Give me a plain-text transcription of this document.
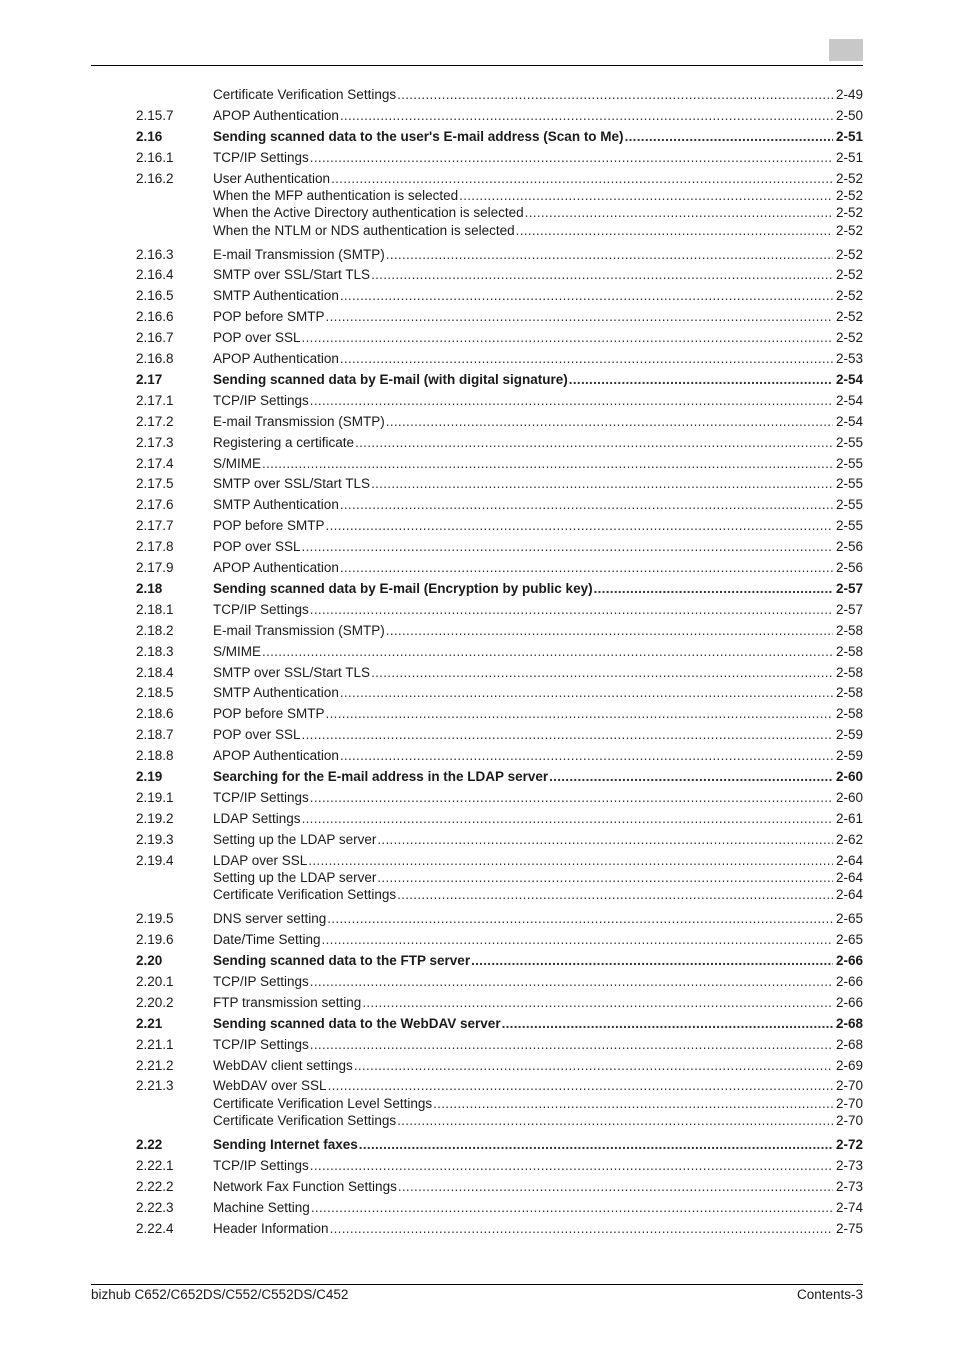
Certificate Verification Settings .....	2-49
2.15.7	APOP Authentication .....	2-50
2.16	Sending scanned data to the user's E-mail address (Scan to Me) .....	2-51
2.16.1	TCP/IP Settings .....	2-51
2.16.2	User Authentication .....	2-52
When the MFP authentication is selected .....	2-52
When the Active Directory authentication is selected .....	2-52
When the NTLM or NDS authentication is selected .....	2-52
2.16.3	E-mail Transmission (SMTP) .....	2-52
2.16.4	SMTP over SSL/Start TLS .....	2-52
2.16.5	SMTP Authentication .....	2-52
2.16.6	POP before SMTP .....	2-52
2.16.7	POP over SSL .....	2-52
2.16.8	APOP Authentication .....	2-53
2.17	Sending scanned data by E-mail (with digital signature) .....	2-54
2.17.1	TCP/IP Settings .....	2-54
2.17.2	E-mail Transmission (SMTP) .....	2-54
2.17.3	Registering a certificate .....	2-55
2.17.4	S/MIME .....	2-55
2.17.5	SMTP over SSL/Start TLS .....	2-55
2.17.6	SMTP Authentication .....	2-55
2.17.7	POP before SMTP .....	2-55
2.17.8	POP over SSL .....	2-56
2.17.9	APOP Authentication .....	2-56
2.18	Sending scanned data by E-mail (Encryption by public key) .....	2-57
2.18.1	TCP/IP Settings .....	2-57
2.18.2	E-mail Transmission (SMTP) .....	2-58
2.18.3	S/MIME .....	2-58
2.18.4	SMTP over SSL/Start TLS .....	2-58
2.18.5	SMTP Authentication .....	2-58
2.18.6	POP before SMTP .....	2-58
2.18.7	POP over SSL .....	2-59
2.18.8	APOP Authentication .....	2-59
2.19	Searching for the E-mail address in the LDAP server .....	2-60
2.19.1	TCP/IP Settings .....	2-60
2.19.2	LDAP Settings .....	2-61
2.19.3	Setting up the LDAP server .....	2-62
2.19.4	LDAP over SSL .....	2-64
Setting up the LDAP server .....	2-64
Certificate Verification Settings .....	2-64
2.19.5	DNS server setting .....	2-65
2.19.6	Date/Time Setting .....	2-65
2.20	Sending scanned data to the FTP server .....	2-66
2.20.1	TCP/IP Settings .....	2-66
2.20.2	FTP transmission setting .....	2-66
2.21	Sending scanned data to the WebDAV server .....	2-68
2.21.1	TCP/IP Settings .....	2-68
2.21.2	WebDAV client settings .....	2-69
2.21.3	WebDAV over SSL .....	2-70
Certificate Verification Level Settings .....	2-70
Certificate Verification Settings .....	2-70
2.22	Sending Internet faxes .....	2-72
2.22.1	TCP/IP Settings .....	2-73
2.22.2	Network Fax Function Settings .....	2-73
2.22.3	Machine Setting .....	2-74
2.22.4	Header Information .....	2-75
bizhub C652/C652DS/C552/C552DS/C452	Contents-3
